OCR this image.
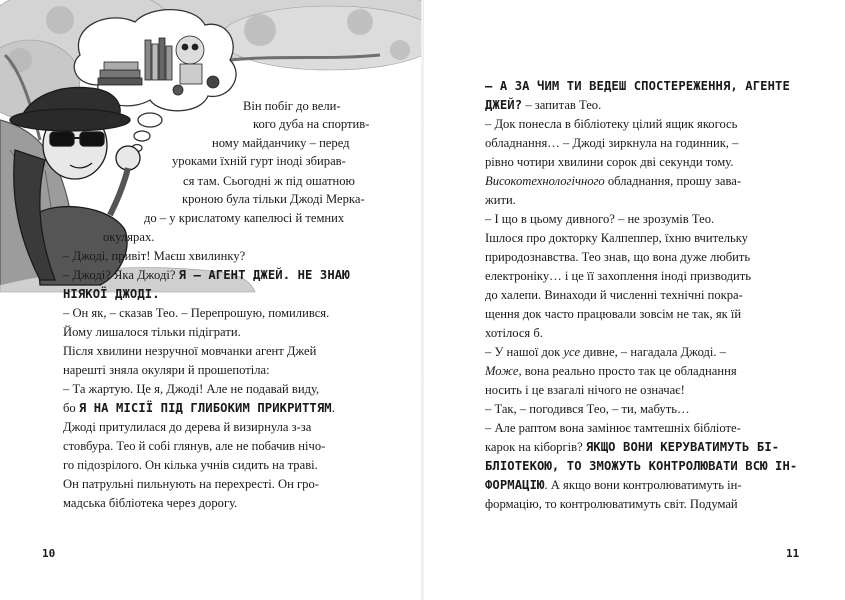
Він побіг до вели-
кого дуба на спортив-
ному майданчику – перед
уроками їхній гурт іноді збирав-
ся там. Сьогодні ж під ошатною
кроною була тільки Джоді Мерка-
до – у крислатому капелюсі й темних
окулярах.
– Джоді, привіт! Маєш хвилинку?
– Джоді? Яка Джоді? Я – АГЕНТ ДЖЕЙ. НЕ ЗНАЮ
НІЯКОЇ ДЖОДІ.
– Он як, – сказав Тео. – Перепрошую, помилився.
Йому лишалося тільки підіграти.
Після хвилини незручної мовчанки агент Джей
нарешті зняла окуляри й прошепотіла:
– Та жартую. Це я, Джоді! Але не подавай виду,
бо Я НА МІСІЇ ПІД ГЛИБОКИМ ПРИКРИТТЯМ.
Джоді притулилася до дерева й визирнула з-за
стовбура. Тео й собі глянув, але не побачив нічо-
го підозрілого. Он кілька учнів сидить на траві.
Он патрульні пильнують на перехресті. Он гро-
мадська бібліотека через дорогу.
10
– А ЗА ЧИМ ТИ ВЕДЕШ СПОСТЕРЕЖЕННЯ, АГЕНТЕ
ДЖЕЙ? – запитав Тео.
– Док понесла в бібліотеку цілий ящик якогось
обладнання… – Джоді зиркнула на годинник, –
рівно чотири хвилини сорок дві секунди тому.
Високотехнологічного обладнання, прошу зава-
жити.
– І що в цьому дивного? – не зрозумів Тео.
Ішлося про докторку Калпеппер, їхню вчительку
природознавства. Тео знав, що вона дуже любить
електроніку… і це її захоплення іноді призводить
до халепи. Винаходи й численні технічні покра-
щення док часто працювали зовсім не так, як їй
хотілося б.
– У нашої док усе дивне, – нагадала Джоді. –
Може, вона реально просто так це обладнання
носить і це взагалі нічого не означає!
– Так, – погодився Тео, – ти, мабуть…
– Але раптом вона замінює тамтешніх бібліоте-
карок на кіборгів? ЯКЩО ВОНИ КЕРУВАТИМУТЬ БІ-
БЛІОТЕКОЮ, ТО ЗМОЖУТЬ КОНТРОЛЮВАТИ ВСЮ ІН-
ФОРМАЦІЮ. А якщо вони контролюватимуть ін-
формацію, то контролюватимуть світ. Подумай
11
